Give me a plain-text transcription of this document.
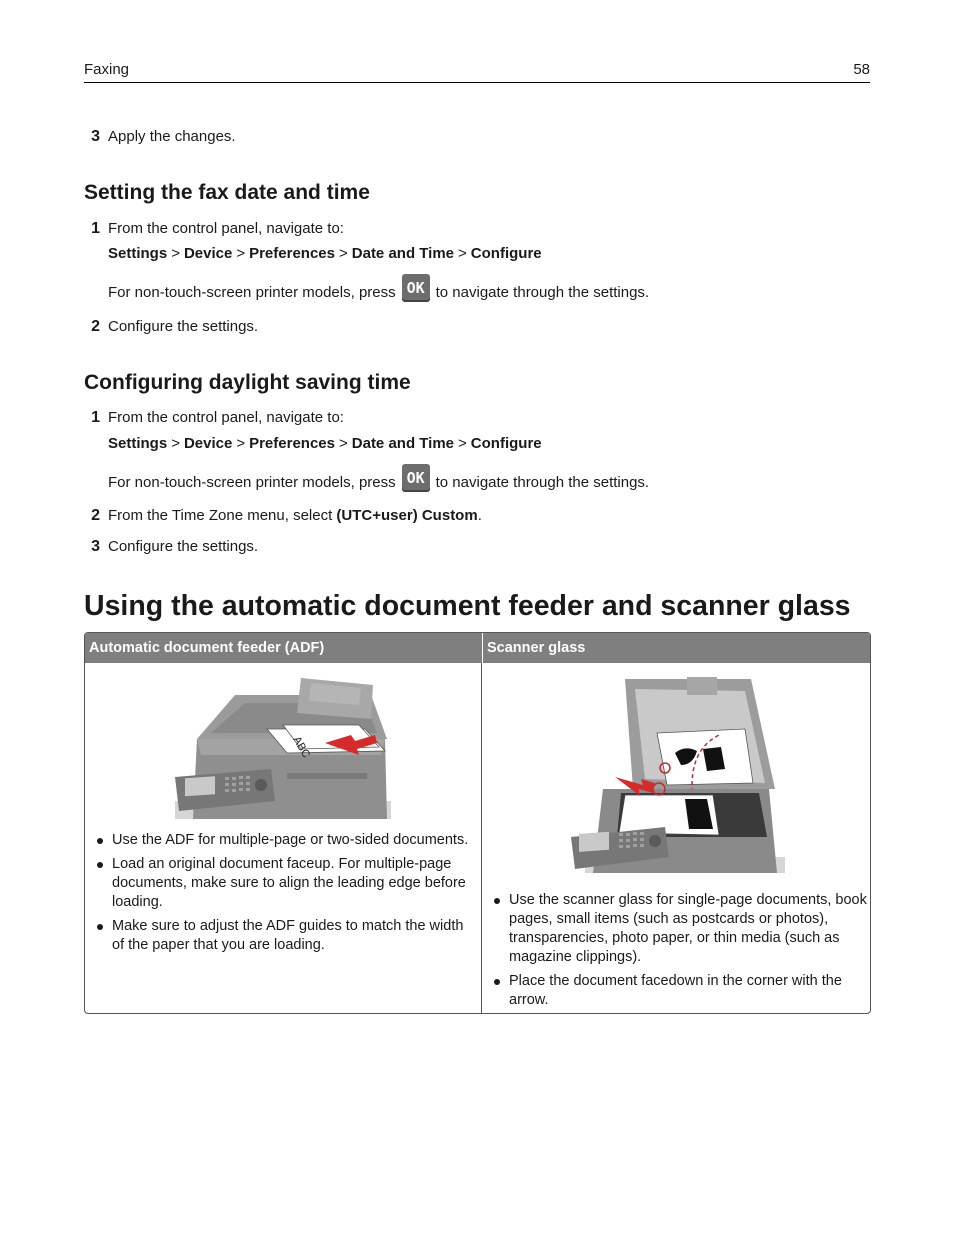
Faxing	58
3 Apply the changes.
Setting the fax date and time
1 From the control panel, navigate to:
Settings > Device > Preferences > Date and Time > Configure
For non-touch-screen printer models, press OK to navigate through the settings.
2 Configure the settings.
Configuring daylight saving time
1 From the control panel, navigate to:
Settings > Device > Preferences > Date and Time > Configure
For non-touch-screen printer models, press OK to navigate through the settings.
2 From the Time Zone menu, select (UTC+user) Custom.
3 Configure the settings.
Using the automatic document feeder and scanner glass
Automatic document feeder (ADF)	Scanner glass
ABC
Use the ADF for multiple-page or two-sided documents.
Load an original document faceup. For multiple-page documents, make sure to align the leading edge before loading.
Make sure to adjust the ADF guides to match the width of the paper that you are loading.
Use the scanner glass for single-page documents, book pages, small items (such as postcards or photos), transparencies, photo paper, or thin media (such as magazine clippings).
Place the document facedown in the corner with the arrow.
